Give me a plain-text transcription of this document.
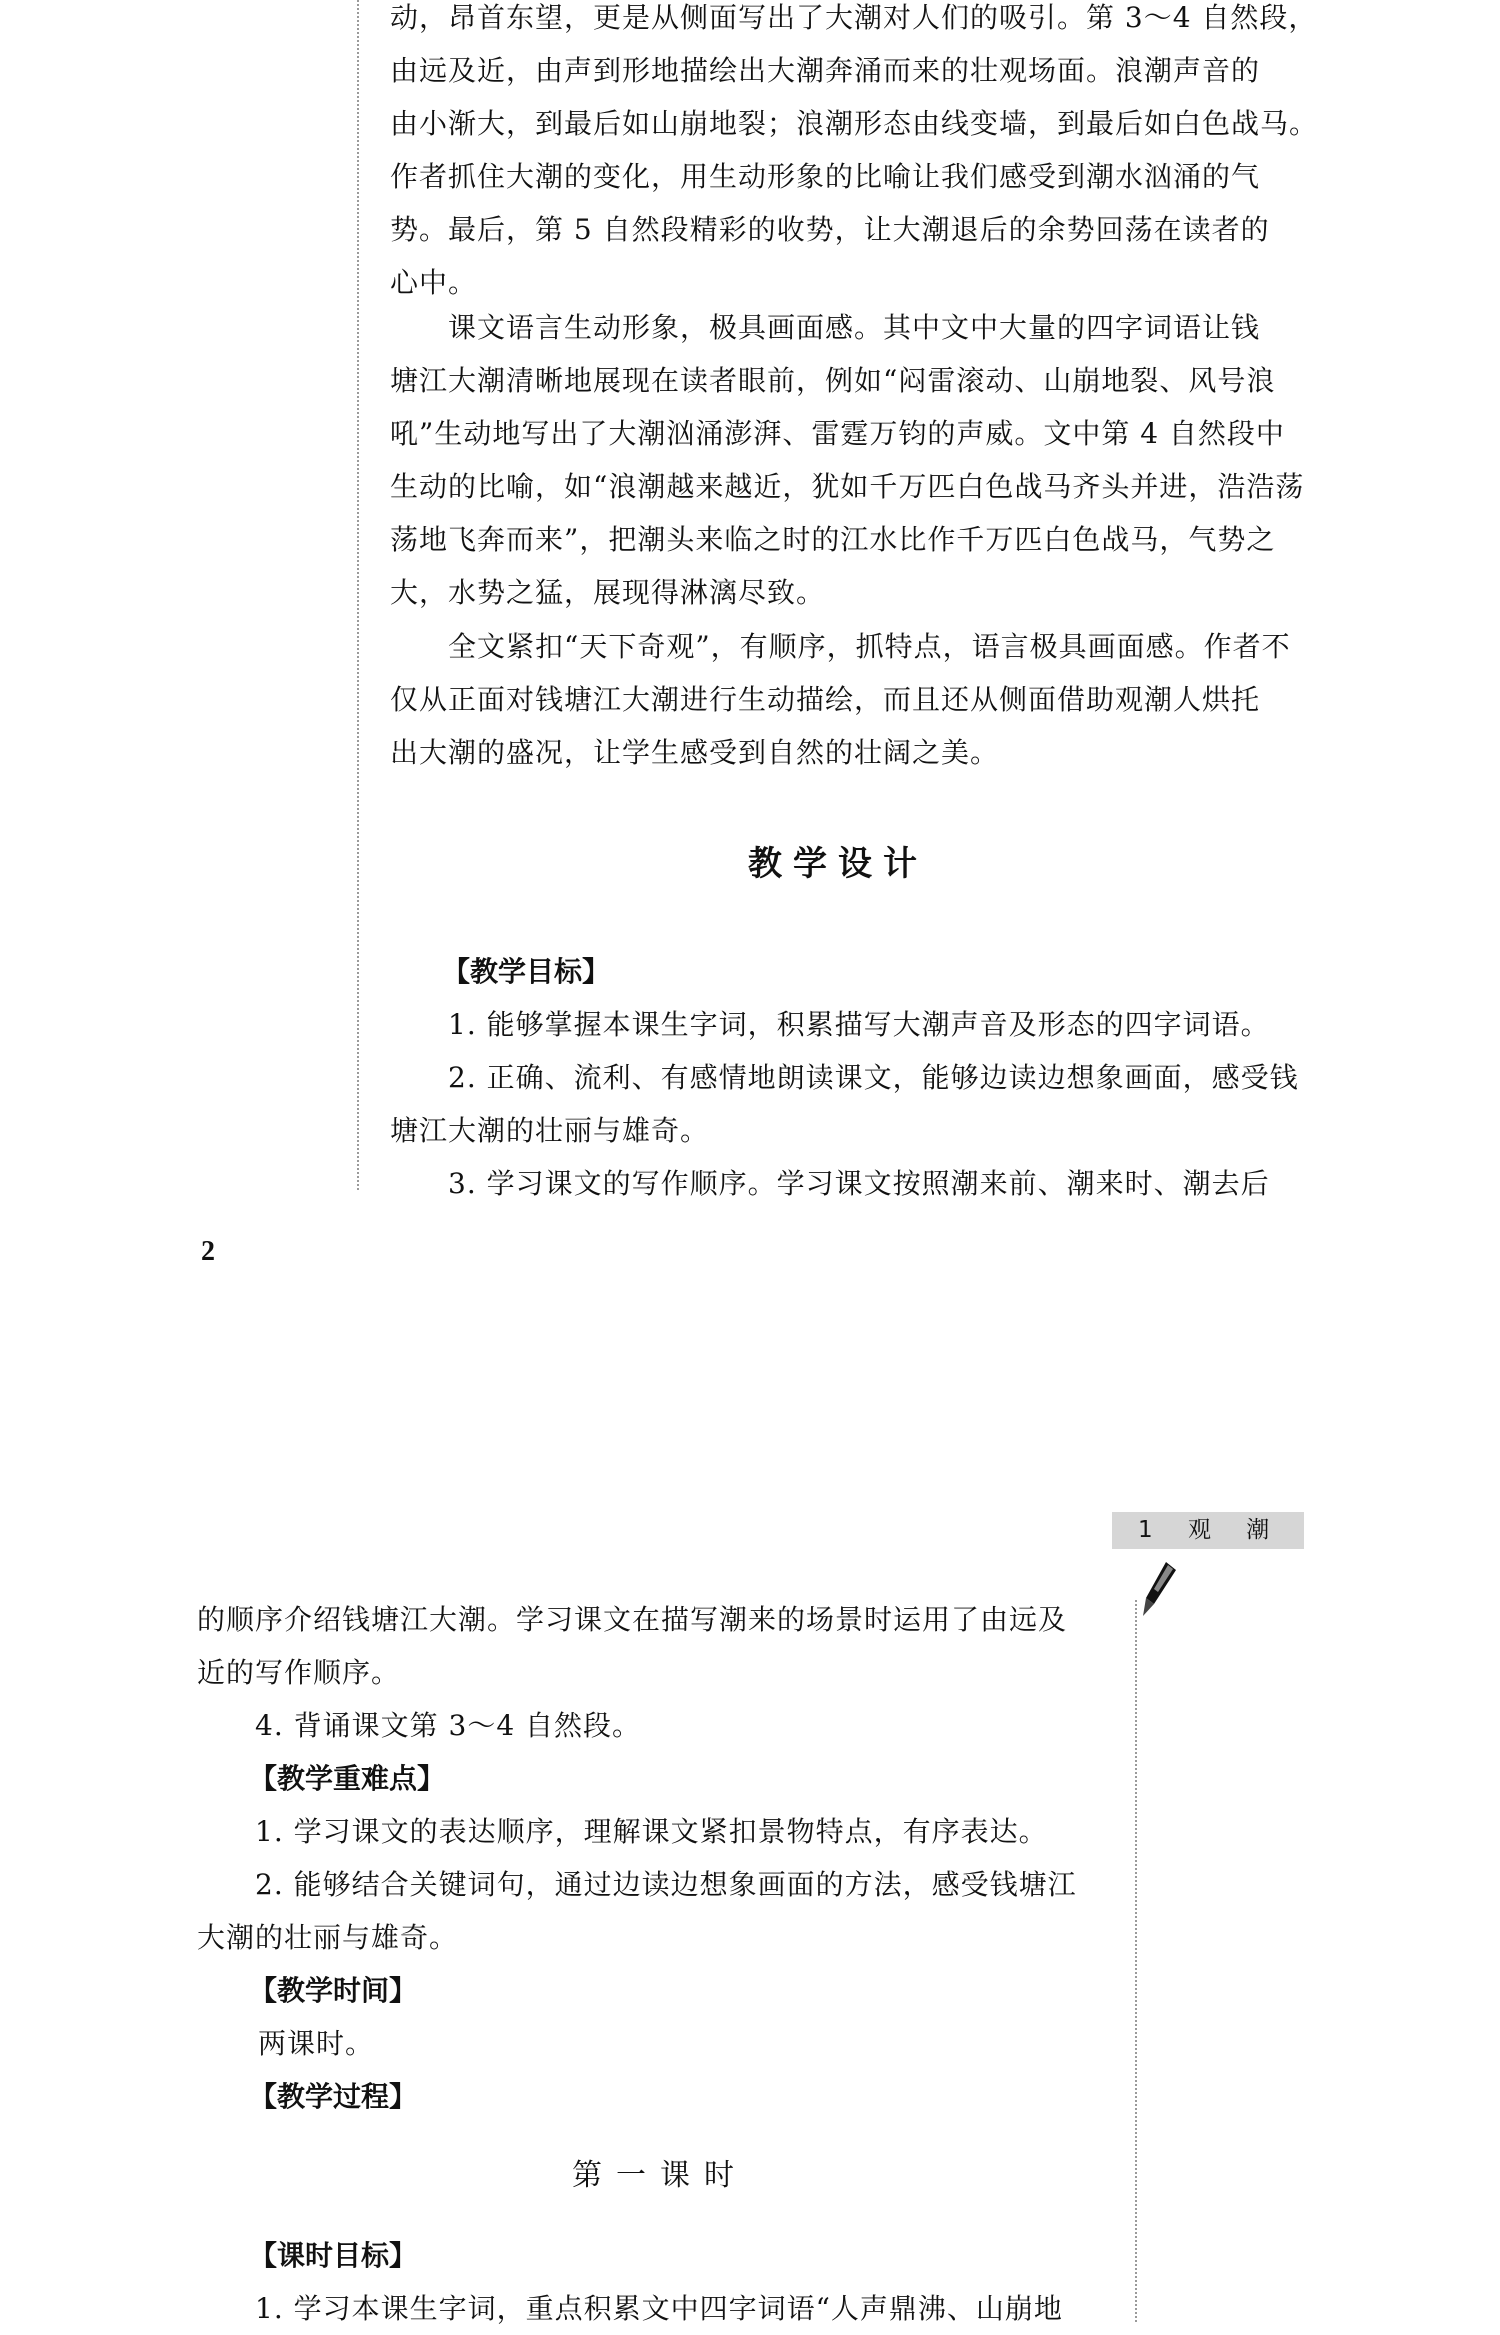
动，昂首东望，更是从侧面写出了大潮对人们的吸引。第 3～4 自然段，
由远及近，由声到形地描绘出大潮奔涌而来的壮观场面。浪潮声音的
由小渐大，到最后如山崩地裂；浪潮形态由线变墙，到最后如白色战马。
作者抓住大潮的变化，用生动形象的比喻让我们感受到潮水汹涌的气
势。最后，第 5 自然段精彩的收势，让大潮退后的余势回荡在读者的
心中。
课文语言生动形象，极具画面感。其中文中大量的四字词语让钱
塘江大潮清晰地展现在读者眼前，例如“闷雷滚动、山崩地裂、风号浪
吼”生动地写出了大潮汹涌澎湃、雷霆万钧的声威。文中第 4 自然段中
生动的比喻，如“浪潮越来越近，犹如千万匹白色战马齐头并进，浩浩荡
荡地飞奔而来”，把潮头来临之时的江水比作千万匹白色战马，气势之
大，水势之猛，展现得淋漓尽致。
全文紧扣“天下奇观”，有顺序，抓特点，语言极具画面感。作者不
仅从正面对钱塘江大潮进行生动描绘，而且还从侧面借助观潮人烘托
出大潮的盛况，让学生感受到自然的壮阔之美。
教学设计
【教学目标】
1. 能够掌握本课生字词，积累描写大潮声音及形态的四字词语。
2. 正确、流利、有感情地朗读课文，能够边读边想象画面，感受钱
塘江大潮的壮丽与雄奇。
3. 学习课文的写作顺序。学习课文按照潮来前、潮来时、潮去后
2
1 观 潮
的顺序介绍钱塘江大潮。学习课文在描写潮来的场景时运用了由远及
近的写作顺序。
4. 背诵课文第 3～4 自然段。
【教学重难点】
1. 学习课文的表达顺序，理解课文紧扣景物特点，有序表达。
2. 能够结合关键词句，通过边读边想象画面的方法，感受钱塘江
大潮的壮丽与雄奇。
【教学时间】
两课时。
【教学过程】
第一课时
【课时目标】
1. 学习本课生字词，重点积累文中四字词语“人声鼎沸、山崩地
